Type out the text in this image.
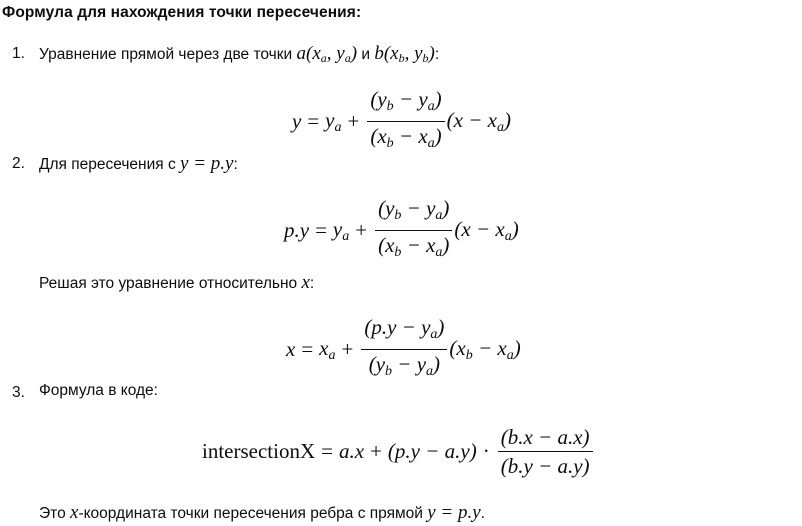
Формула для нахождения точки пересечения:
1. Уравнение прямой через две точки $a(x_a$, $y_a$) и $b(x_b$, $y_b$):
y = ya + $\frac{(yb - ya)}{(xb - xa)} (x - xa)$
2. Для пересечения с y = p.y:
p.y = ya + $\frac{(yb - ya)}{(xb - xa)} (x - xa)$
Решая это уравнение относительно x:
x = xa + $\frac{(p.y - ya)}{(yb - ya)} (xb - xa)$
3. Формула в коде:
intersectionX = $a.x + (p.y - a.y) \cdot \frac{(b.x - a.x)}{(b.y - a.y)}$
Это x-координата точки пересечения ребра с прямой y = p.y.
